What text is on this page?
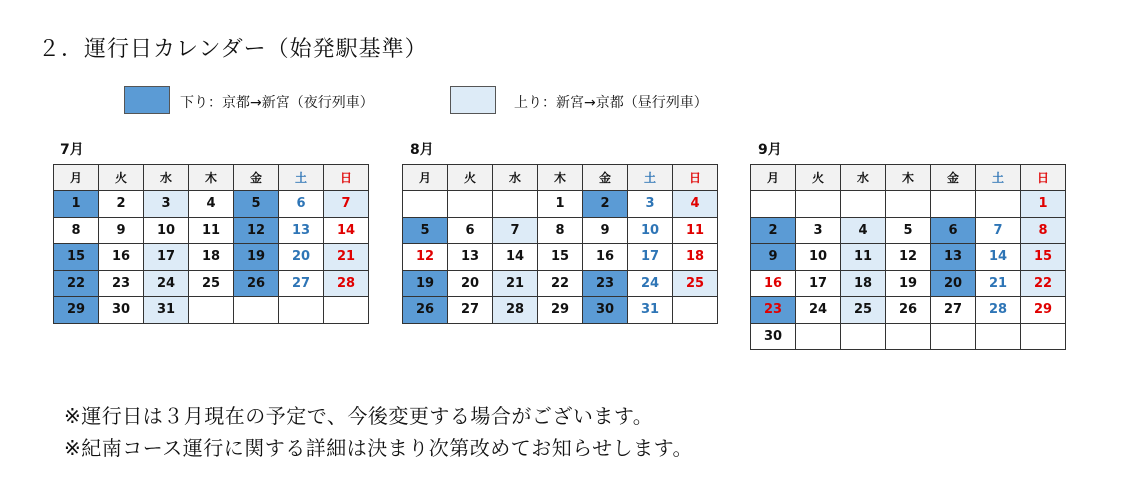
２．運行日カレンダー（始発駅基準）
下り：京都→新宮（夜行列車）	上り：新宮→京都（昼行列車）
7月	8月	9月
月	火	水	木	金	土	日
1	2	3	4	5	6	7
8	9	10	11	12	13	14
15	16	17	18	19	20	21
22	23	24	25	26	27	28
29	30	31				
月	火	水	木	金	土	日
			1	2	3	4
5	6	7	8	9	10	11
12	13	14	15	16	17	18
19	20	21	22	23	24	25
26	27	28	29	30	31	
月	火	水	木	金	土	日
						1
2	3	4	5	6	7	8
9	10	11	12	13	14	15
16	17	18	19	20	21	22
23	24	25	26	27	28	29
30						
※運行日は３月現在の予定で、今後変更する場合がございます。
※紀南コース運行に関する詳細は決まり次第改めてお知らせします。
